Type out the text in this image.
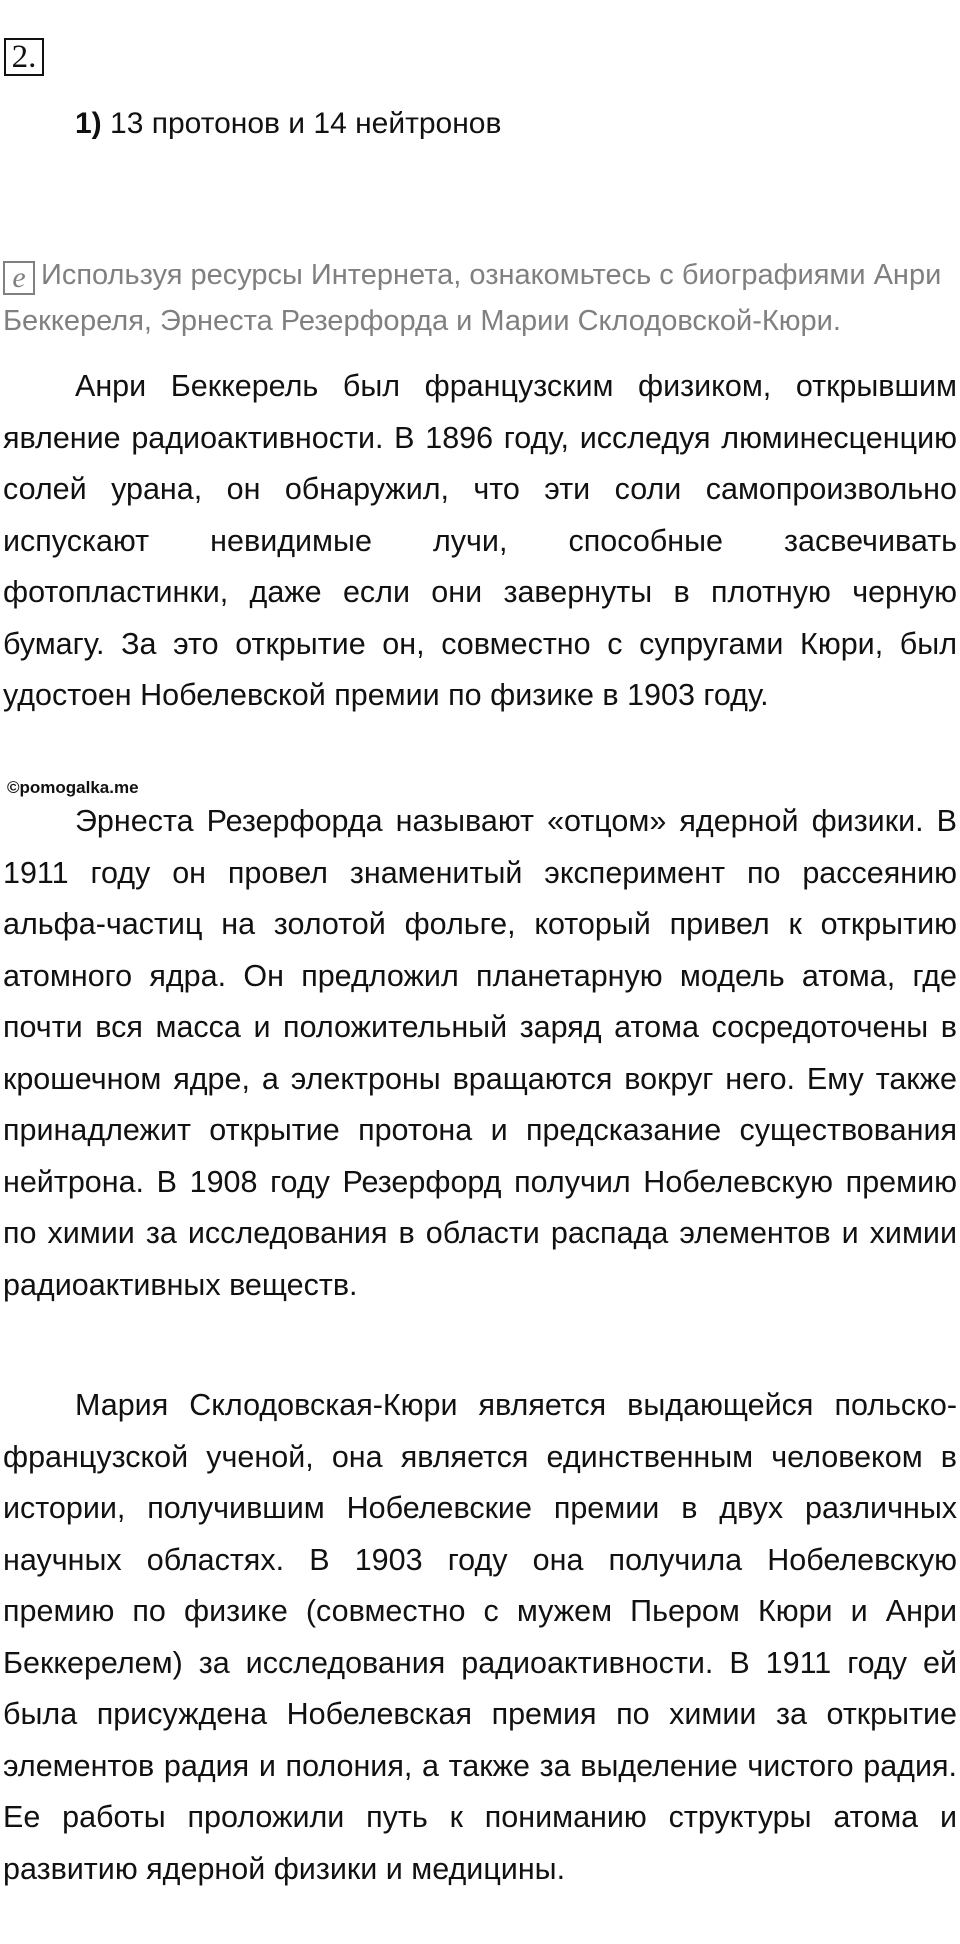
2.
1) 13 протонов и 14 нейтронов
е Используя ресурсы Интернета, ознакомьтесь с биографиями Анри Беккереля, Эрнеста Резерфорда и Марии Склодовской-Кюри.

Анри Беккерель был французским физиком, открывшим явление радиоактивности. В 1896 году, исследуя люминесценцию солей урана, он обнаружил, что эти соли самопроизвольно испускают невидимые лучи, способные засвечивать фотопластинки, даже если они завернуты в плотную черную бумагу. За это открытие он, совместно с супругами Кюри, был удостоен Нобелевской премии по физике в 1903 году.

©pomogalka.me

Эрнеста Резерфорда называют «отцом» ядерной физики. В 1911 году он провел знаменитый эксперимент по рассеянию альфа-частиц на золотой фольге, который привел к открытию атомного ядра. Он предложил планетарную модель атома, где почти вся масса и положительный заряд атома сосредоточены в крошечном ядре, а электроны вращаются вокруг него. Ему также принадлежит открытие протона и предсказание существования нейтрона. В 1908 году Резерфорд получил Нобелевскую премию по химии за исследования в области распада элементов и химии радиоактивных веществ.

Мария Склодовская-Кюри является выдающейся польско-французской ученой, она является единственным человеком в истории, получившим Нобелевские премии в двух различных научных областях. В 1903 году она получила Нобелевскую премию по физике (совместно с мужем Пьером Кюри и Анри Беккерелем) за исследования радиоактивности. В 1911 году ей была присуждена Нобелевская премия по химии за открытие элементов радия и полония, а также за выделение чистого радия. Ее работы проложили путь к пониманию структуры атома и развитию ядерной физики и медицины.
